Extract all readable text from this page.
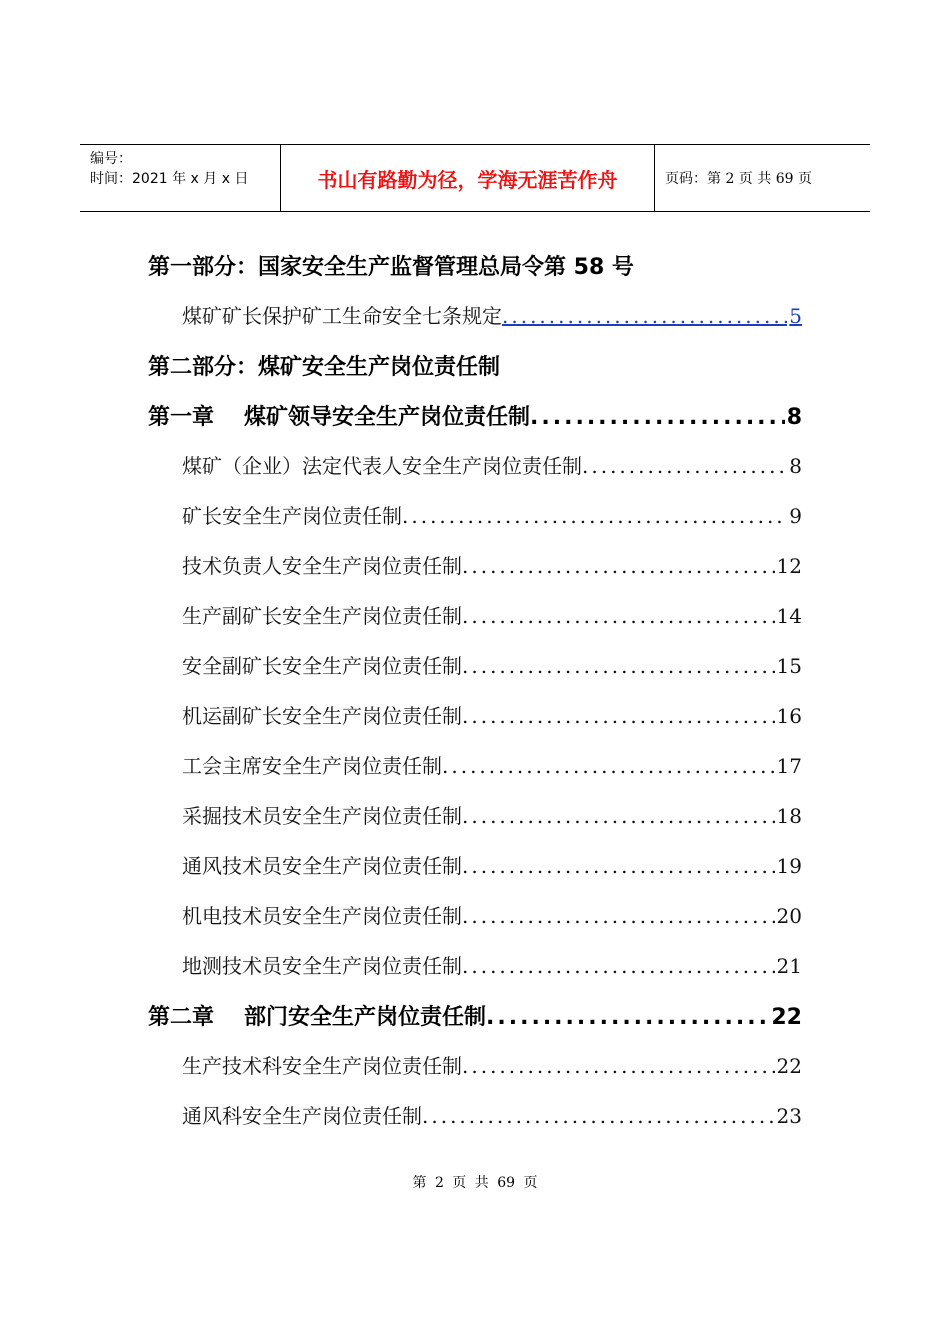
编号：
时间：2021 年 x 月 x 日	书山有路勤为径，学海无涯苦作舟	页码：第 2 页 共 69 页
第一部分：国家安全生产监督管理总局令第 58 号
煤矿矿长保护矿工生命安全七条规定 .....	5
第二部分：煤矿安全生产岗位责任制
第一章	煤矿领导安全生产岗位责任制 .....	8
煤矿（企业）法定代表人安全生产岗位责任制 .....	8
矿长安全生产岗位责任制 .....	9
技术负责人安全生产岗位责任制 .....	12
生产副矿长安全生产岗位责任制 .....	14
安全副矿长安全生产岗位责任制 .....	15
机运副矿长安全生产岗位责任制 .....	16
工会主席安全生产岗位责任制 .....	17
采掘技术员安全生产岗位责任制 .....	18
通风技术员安全生产岗位责任制 .....	19
机电技术员安全生产岗位责任制 .....	20
地测技术员安全生产岗位责任制 .....	21
第二章	部门安全生产岗位责任制 .....	22
生产技术科安全生产岗位责任制 .....	22
通风科安全生产岗位责任制 .....	23
第 2 页 共 69 页
